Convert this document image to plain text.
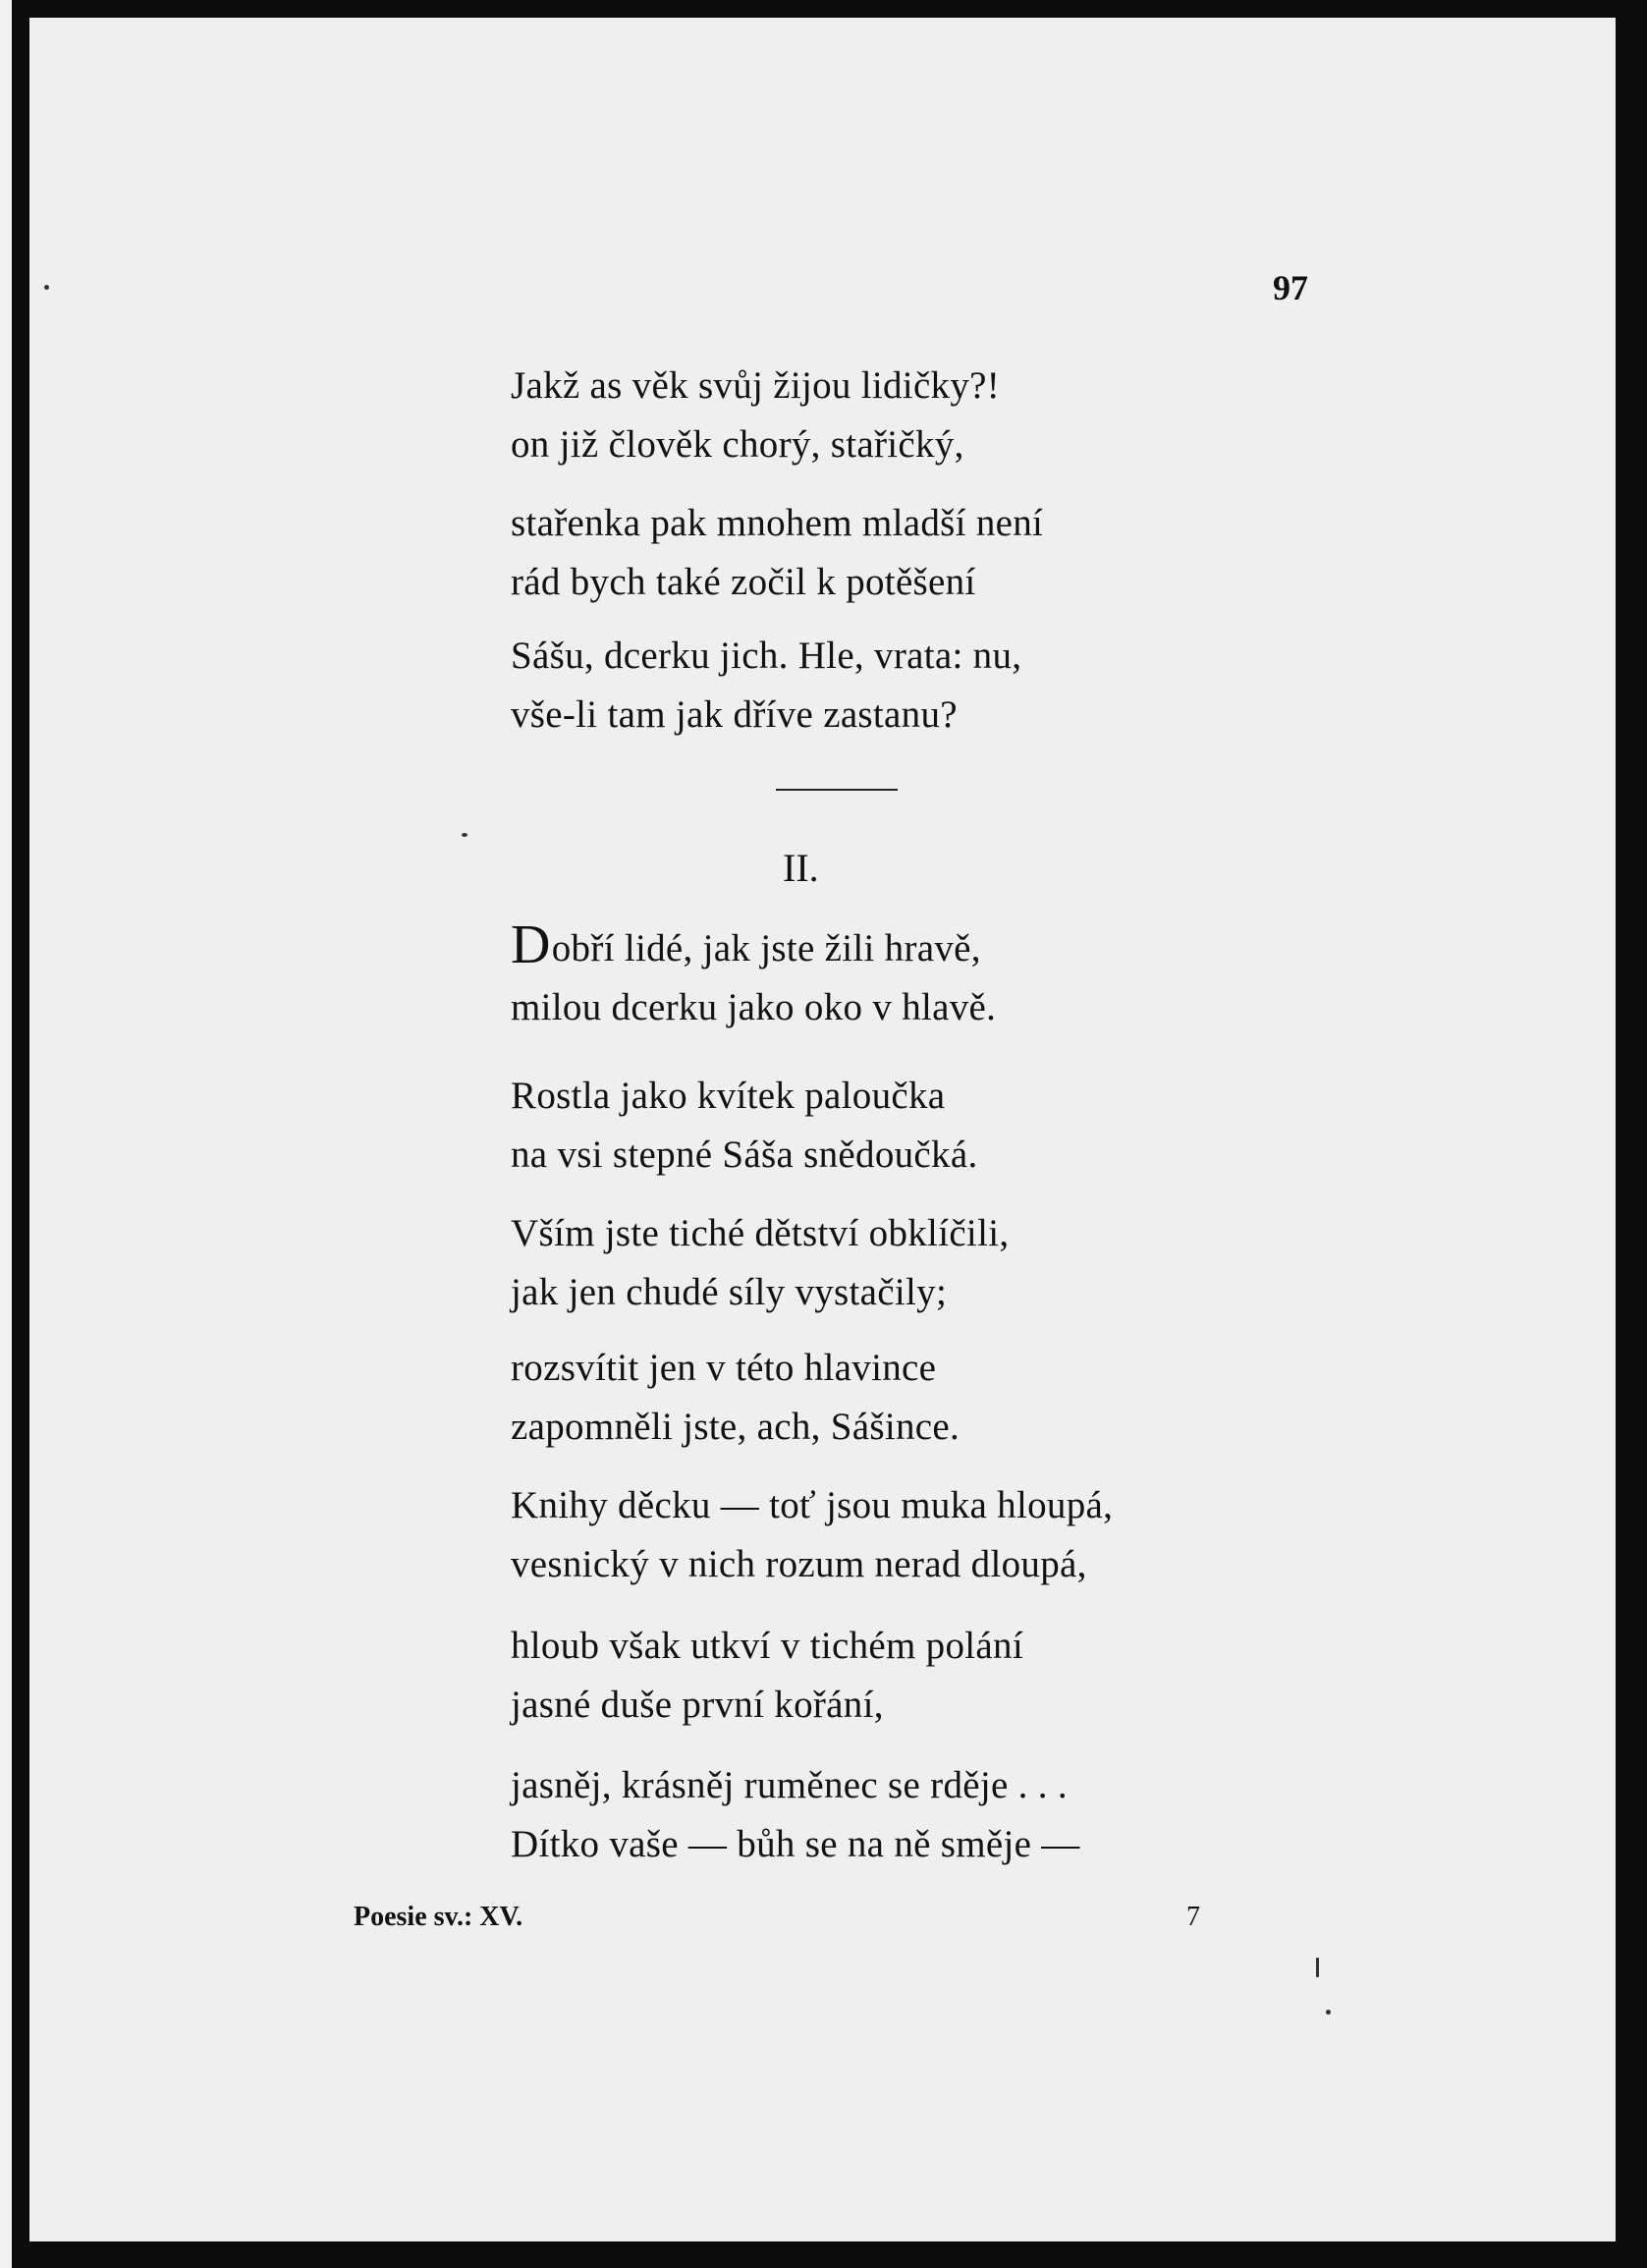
97
Jakž as věk svůj žijou lidičky?!
on již člověk chorý, stařičký,
stařenka pak mnohem mladší není
rád bych také zočil k potěšení
Sášu, dcerku jich. Hle, vrata: nu,
vše-li tam jak dříve zastanu?
Dobří lidé, jak jste žili hravě,
milou dcerku jako oko v hlavě.
Rostla jako kvítek paloučka
na vsi stepné Sáša snědoučká.
Vším jste tiché dětství obklíčili,
jak jen chudé síly vystačily;
rozsvítit jen v této hlavince
zapomněli jste, ach, Sášince.
Knihy děcku — toť jsou muka hloupá,
vesnický v nich rozum nerad dloupá,
hloub však utkví v tichém polání
jasné duše první kořání,
jasněj, krásněj ruměnec se rděje . . .
Dítko vaše — bůh se na ně směje —
II.
Poesie sv.: XV.	7
